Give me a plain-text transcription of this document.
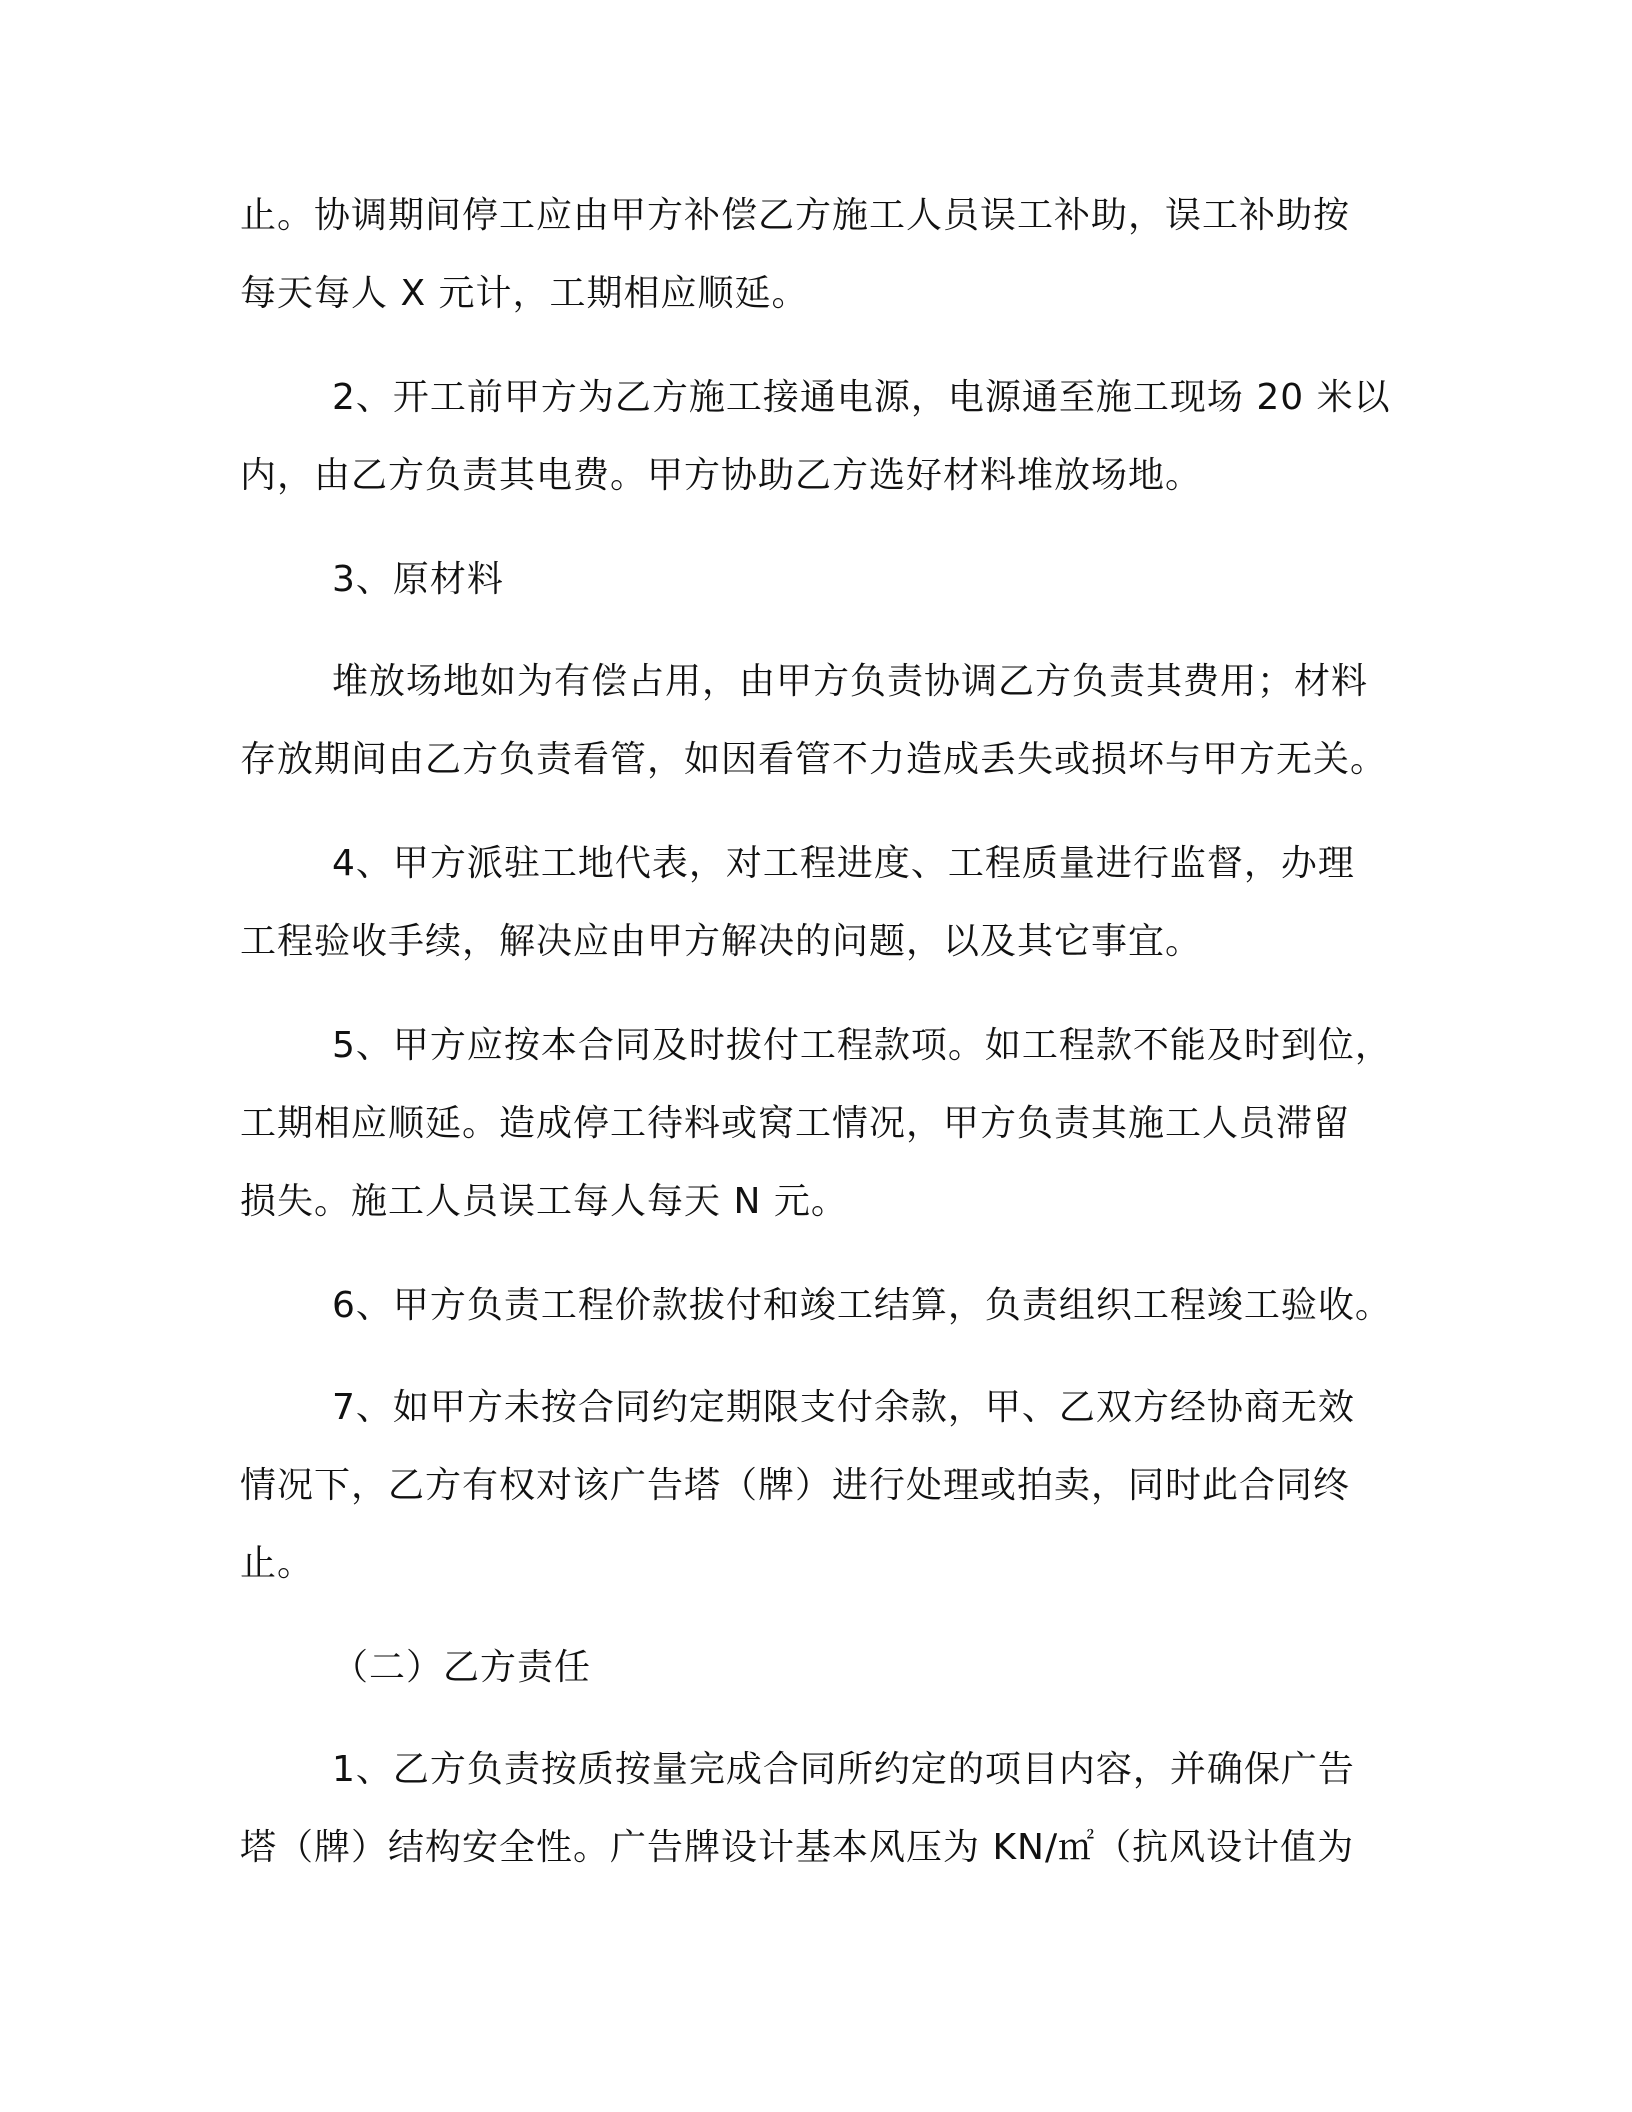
止。协调期间停工应由甲方补偿乙方施工人员误工补助，误工补助按
每天每人 X 元计，工期相应顺延。
2、开工前甲方为乙方施工接通电源，电源通至施工现场 20 米以
内，由乙方负责其电费。甲方协助乙方选好材料堆放场地。
3、原材料
堆放场地如为有偿占用，由甲方负责协调乙方负责其费用；材料
存放期间由乙方负责看管，如因看管不力造成丢失或损坏与甲方无关。
4、甲方派驻工地代表，对工程进度、工程质量进行监督，办理
工程验收手续，解决应由甲方解决的问题，以及其它事宜。
5、甲方应按本合同及时拔付工程款项。如工程款不能及时到位，
工期相应顺延。造成停工待料或窝工情况，甲方负责其施工人员滞留
损失。施工人员误工每人每天 N 元。
6、甲方负责工程价款拔付和竣工结算，负责组织工程竣工验收。
7、如甲方未按合同约定期限支付余款，甲、乙双方经协商无效
情况下，乙方有权对该广告塔（牌）进行处理或拍卖，同时此合同终
止。
（二）乙方责任
1、乙方负责按质按量完成合同所约定的项目内容，并确保广告
塔（牌）结构安全性。广告牌设计基本风压为 KN/㎡（抗风设计值为
